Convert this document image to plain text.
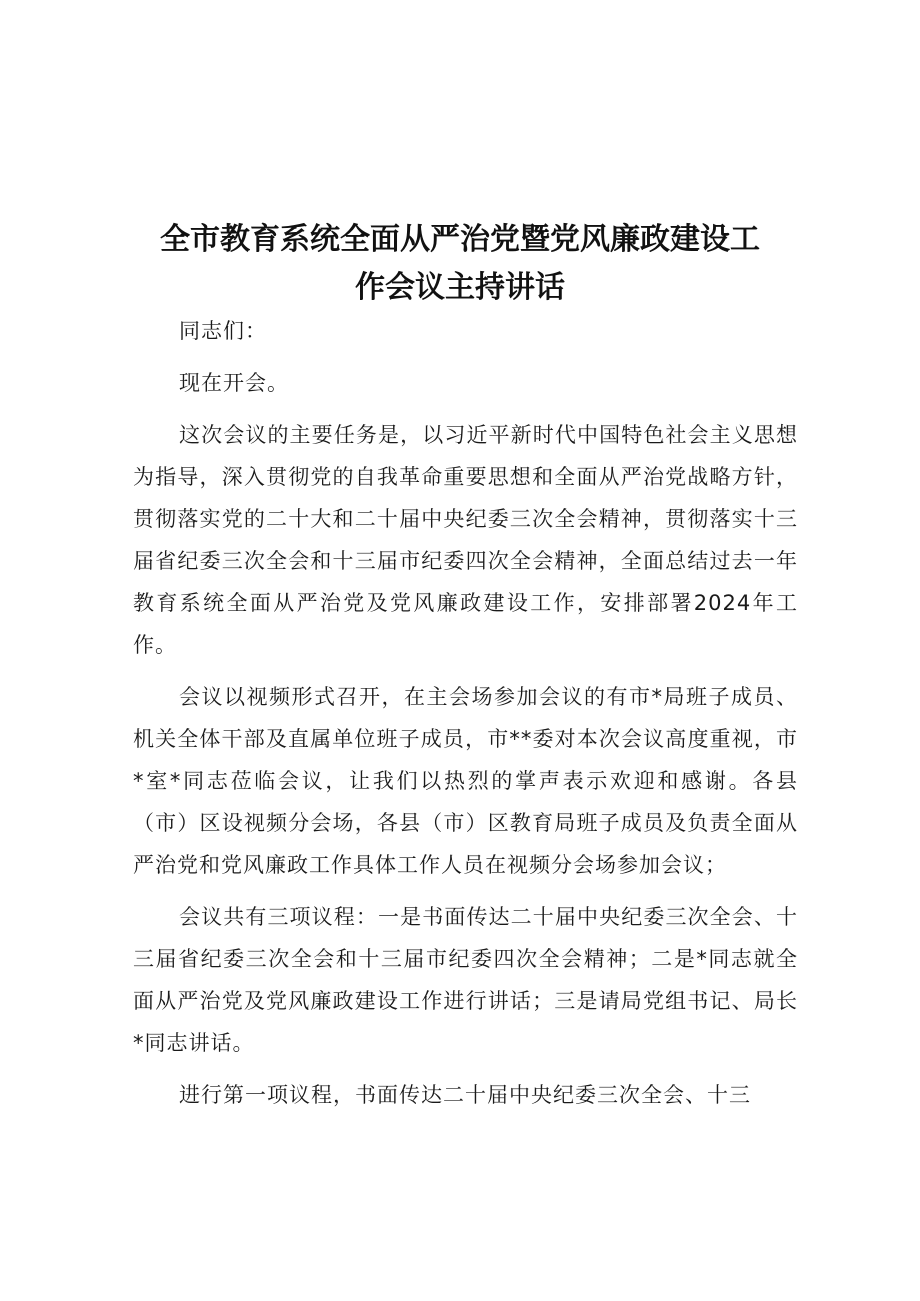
全市教育系统全面从严治党暨党风廉政建设工
作会议主持讲话

同志们：

现在开会。

这次会议的主要任务是，以习近平新时代中国特色社会主义思想为指导，深入贯彻党的自我革命重要思想和全面从严治党战略方针，贯彻落实党的二十大和二十届中央纪委三次全会精神，贯彻落实十三届省纪委三次全会和十三届市纪委四次全会精神，全面总结过去一年教育系统全面从严治党及党风廉政建设工作，安排部署2024年工作。

会议以视频形式召开，在主会场参加会议的有市*局班子成员、机关全体干部及直属单位班子成员，市**委对本次会议高度重视，市*室*同志莅临会议，让我们以热烈的掌声表示欢迎和感谢。各县（市）区设视频分会场，各县（市）区教育局班子成员及负责全面从严治党和党风廉政工作具体工作人员在视频分会场参加会议；

会议共有三项议程：一是书面传达二十届中央纪委三次全会、十三届省纪委三次全会和十三届市纪委四次全会精神；二是*同志就全面从严治党及党风廉政建设工作进行讲话；三是请局党组书记、局长*同志讲话。

进行第一项议程，书面传达二十届中央纪委三次全会、十三
